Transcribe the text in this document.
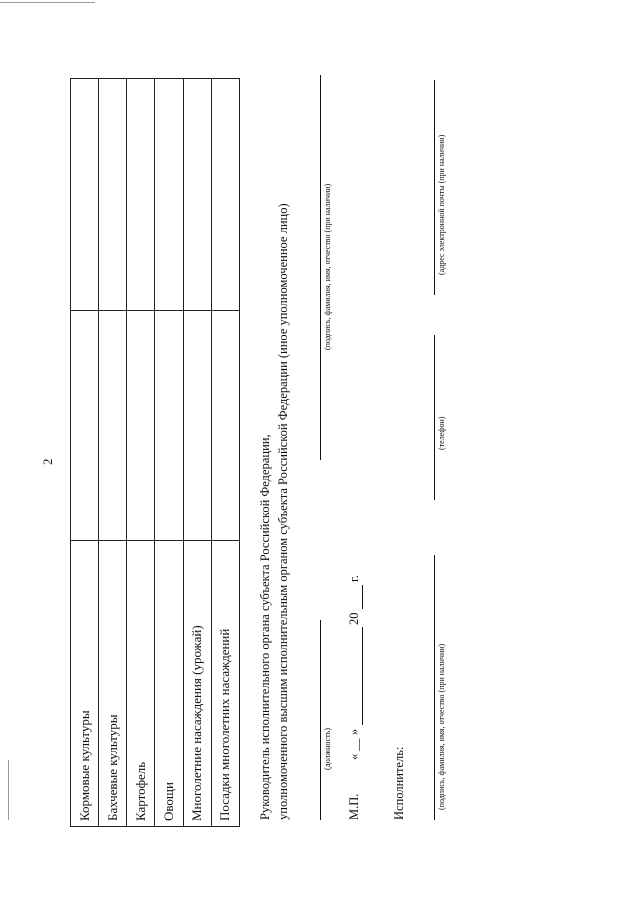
2
Кормовые культуры		
Бахчевые культуры		
Картофель		
Овощи		
Многолетние насаждения (урожай)		
Посадки многолетних насаждений		Руководитель исполнительного органа субъекта Российской Федерации, уполномоченного высшим исполнительным органом субъекта Российской Федерации (иное уполномоченное лицо)	(должность)
(подпись, фамилия, имя, отчество (при наличии)
М.П.
«
__
»
20
г.
Исполнитель:	(подпись, фамилия, имя, отчество (при наличии)
(телефон)
(адрес электронной почты (при наличии)
